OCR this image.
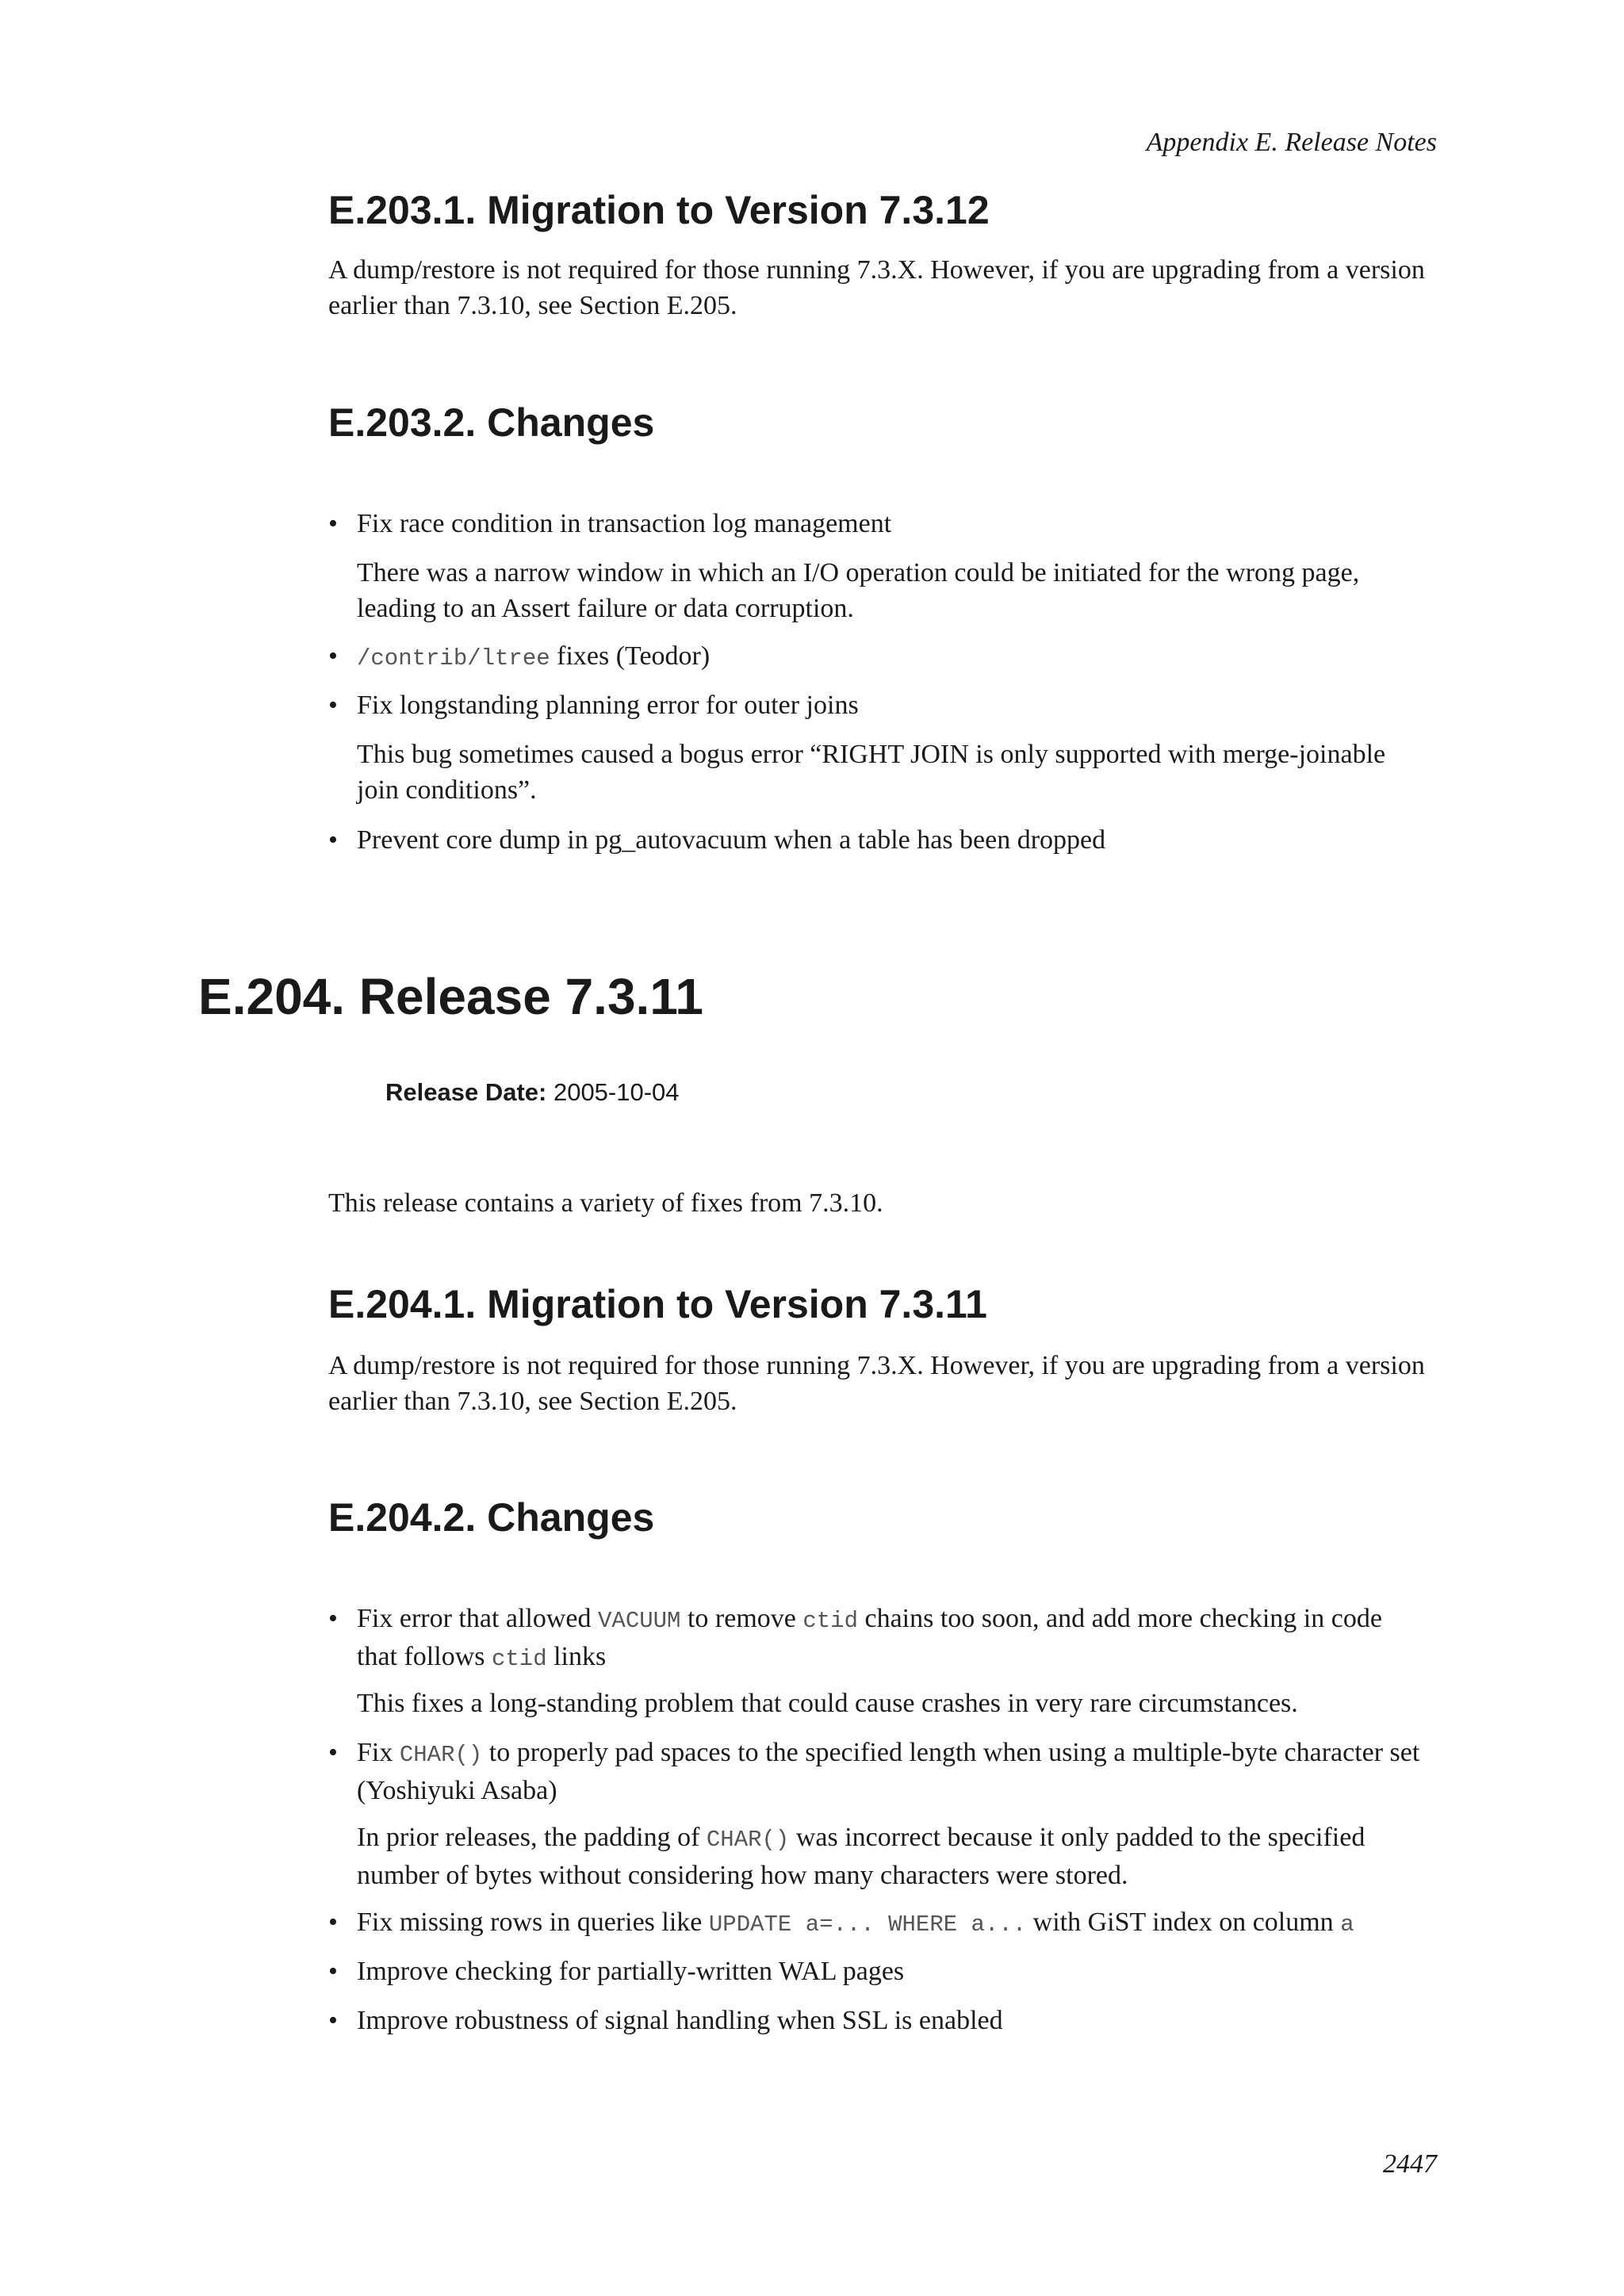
Appendix E. Release Notes
E.203.1. Migration to Version 7.3.12

A dump/restore is not required for those running 7.3.X. However, if you are upgrading from a version
earlier than 7.3.10, see Section E.205.

E.203.2. Changes
• Fix race condition in transaction log management

There was a narrow window in which an I/O operation could be initiated for the wrong page,
leading to an Assert failure or data corruption.

• /contrib/ltree fixes (Teodor)
• Fix longstanding planning error for outer joins

This bug sometimes caused a bogus error “RIGHT JOIN is only supported with merge-joinable
join conditions”.

• Prevent core dump in pg_autovacuum when a table has been dropped
E.204. Release 7.3.11
Release Date: 2005-10-04

This release contains a variety of fixes from 7.3.10.

E.204.1. Migration to Version 7.3.11

A dump/restore is not required for those running 7.3.X. However, if you are upgrading from a version
earlier than 7.3.10, see Section E.205.

E.204.2. Changes
• Fix error that allowed VACUUM to remove ctid chains too soon, and add more checking in code
that follows ctid links

This fixes a long-standing problem that could cause crashes in very rare circumstances.

• Fix CHAR() to properly pad spaces to the specified length when using a multiple-byte character set
(Yoshiyuki Asaba)

In prior releases, the padding of CHAR() was incorrect because it only padded to the specified
number of bytes without considering how many characters were stored.

• Fix missing rows in queries like UPDATE a=... WHERE a... with GiST index on column a
• Improve checking for partially-written WAL pages
• Improve robustness of signal handling when SSL is enabled
2447
